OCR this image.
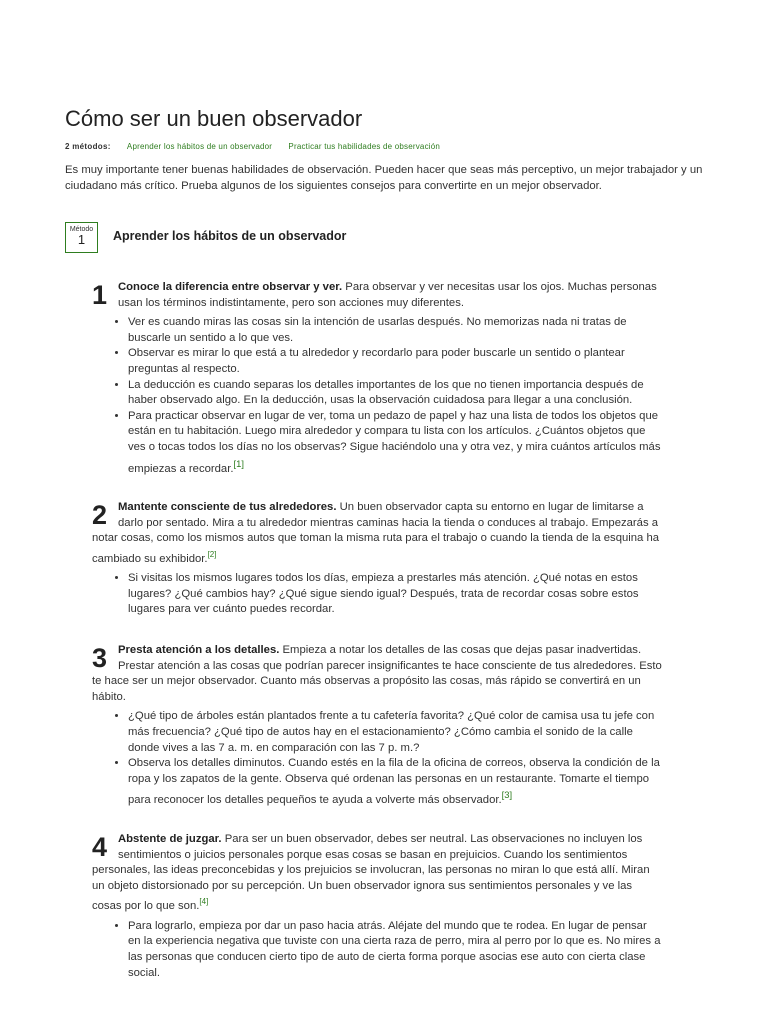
Cómo ser un buen observador
2 métodos: Aprender los hábitos de un observador Practicar tus habilidades de observación

Es muy importante tener buenas habilidades de observación. Pueden hacer que seas más perceptivo, un mejor trabajador y un ciudadano más crítico. Prueba algunos de los siguientes consejos para convertirte en un mejor observador.

Método
1	Aprender los hábitos de un observador
1 Conoce la diferencia entre observar y ver. Para observar y ver necesitas usar los ojos. Muchas personas usan los términos indistintamente, pero son acciones muy diferentes.

• Ver es cuando miras las cosas sin la intención de usarlas después. No memorizas nada ni tratas de buscarle un sentido a lo que ves.
• Observar es mirar lo que está a tu alrededor y recordarlo para poder buscarle un sentido o plantear preguntas al respecto.
• La deducción es cuando separas los detalles importantes de los que no tienen importancia después de haber observado algo. En la deducción, usas la observación cuidadosa para llegar a una conclusión.
• Para practicar observar en lugar de ver, toma un pedazo de papel y haz una lista de todos los objetos que están en tu habitación. Luego mira alrededor y compara tu lista con los artículos. ¿Cuántos objetos que ves o tocas todos los días no los observas? Sigue haciéndolo una y otra vez, y mira cuántos artículos más empiezas a recordar.[1]
2 Mantente consciente de tus alrededores. Un buen observador capta su entorno en lugar de limitarse a darlo por sentado. Mira a tu alrededor mientras caminas hacia la tienda o conduces al trabajo. Empezarás a notar cosas, como los mismos autos que toman la misma ruta para el trabajo o cuando la tienda de la esquina ha cambiado su exhibidor.[2]

• Si visitas los mismos lugares todos los días, empieza a prestarles más atención. ¿Qué notas en estos lugares? ¿Qué cambios hay? ¿Qué sigue siendo igual? Después, trata de recordar cosas sobre estos lugares para ver cuánto puedes recordar.
3 Presta atención a los detalles. Empieza a notar los detalles de las cosas que dejas pasar inadvertidas. Prestar atención a las cosas que podrían parecer insignificantes te hace consciente de tus alrededores. Esto te hace ser un mejor observador. Cuanto más observas a propósito las cosas, más rápido se convertirá en un hábito.

• ¿Qué tipo de árboles están plantados frente a tu cafetería favorita? ¿Qué color de camisa usa tu jefe con más frecuencia? ¿Qué tipo de autos hay en el estacionamiento? ¿Cómo cambia el sonido de la calle donde vives a las 7 a. m. en comparación con las 7 p. m.?
• Observa los detalles diminutos. Cuando estés en la fila de la oficina de correos, observa la condición de la ropa y los zapatos de la gente. Observa qué ordenan las personas en un restaurante. Tomarte el tiempo para reconocer los detalles pequeños te ayuda a volverte más observador.[3]
4 Abstente de juzgar. Para ser un buen observador, debes ser neutral. Las observaciones no incluyen los sentimientos o juicios personales porque esas cosas se basan en prejuicios. Cuando los sentimientos personales, las ideas preconcebidas y los prejuicios se involucran, las personas no miran lo que está allí. Miran un objeto distorsionado por su percepción. Un buen observador ignora sus sentimientos personales y ve las cosas por lo que son.[4]

• Para lograrlo, empieza por dar un paso hacia atrás. Aléjate del mundo que te rodea. En lugar de pensar en la experiencia negativa que tuviste con una cierta raza de perro, mira al perro por lo que es. No mires a las personas que conducen cierto tipo de auto de cierta forma porque asocias ese auto con cierta clase social.
